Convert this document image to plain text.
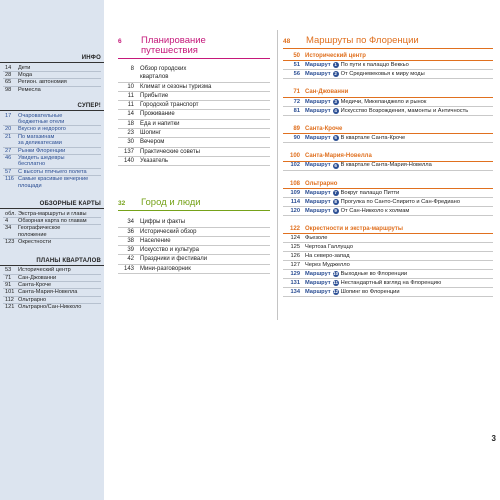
ИНФО
14	Дети
28	Мода
65	Регион. автономия
98	Ремесла
СУПЕР!
17	Очаровательные
бюджетные отели
20	Вкусно и недорого
21	По магазинам
за деликатесами
27	Рынки Флоренции
46	Увидеть шедевры
бесплатно
57	С высоты птичьего полета
116 Самые красивые вечерние
площади
ОБЗОРНЫЕ КАРТЫ
обл. Экстра-маршруты и главы
4	Обзорная карта по главам
34	Географическое
положение
123 Окрестности
ПЛАНЫ КВАРТАЛОВ
53	Исторический центр
71	Сан-Джованни
91	Санта-Кроче
101 Санта-Мария-Новелла
112 Ольтрарно
121 Ольтрарно/Сан-Никколо
6	Планирование
путешествия
8	Обзор городских
кварталов
10	Климат и сезоны туризма
11	Прибытие
11	Городской транспорт
14	Проживание
18	Еда и напитки
23	Шопинг
30	Вечером
137	Практические советы
140	Указатель
32	Город и люди
34	Цифры и факты
36	Исторический обзор
38	Население
39	Искусство и культура
42	Праздники и фестивали
143	Мини-разговорник
48	Маршруты по Флоренции
50 Исторический центр
51 Маршрут 1 По пути к палаццо Веккьо
56 Маршрут 2 От Средневековья к миру моды
71 Сан-Джованни
72 Маршрут 3 Медичи, Микеланджело и рынок
81 Маршрут 4 Искусство Возрождения, мамонты и Античность
89 Санта-Кроче
90 Маршрут 5 В квартале Санта-Кроче
100 Санта-Мария-Новелла
102 Маршрут 6 В квартале Санта-Мария-Новелла
108 Ольтрарно
109 Маршрут 7 Вокруг палаццо Питти
114 Маршрут 8 Прогулка по Санто-Спирито и Сан-Фредиано
120 Маршрут 9 От Сан-Никколо к холмам
122 Окрестности и экстра-маршруты
124 Фьезоле
125 Чертоза Галлуццо
126 На северо-запад
127 Через Муджелло
129 Маршрут 10 Выходные во Флоренции
131 Маршрут 11 Нестандартный взгляд на Флоренцию
134 Маршрут 12 Шопинг во Флоренции
3
